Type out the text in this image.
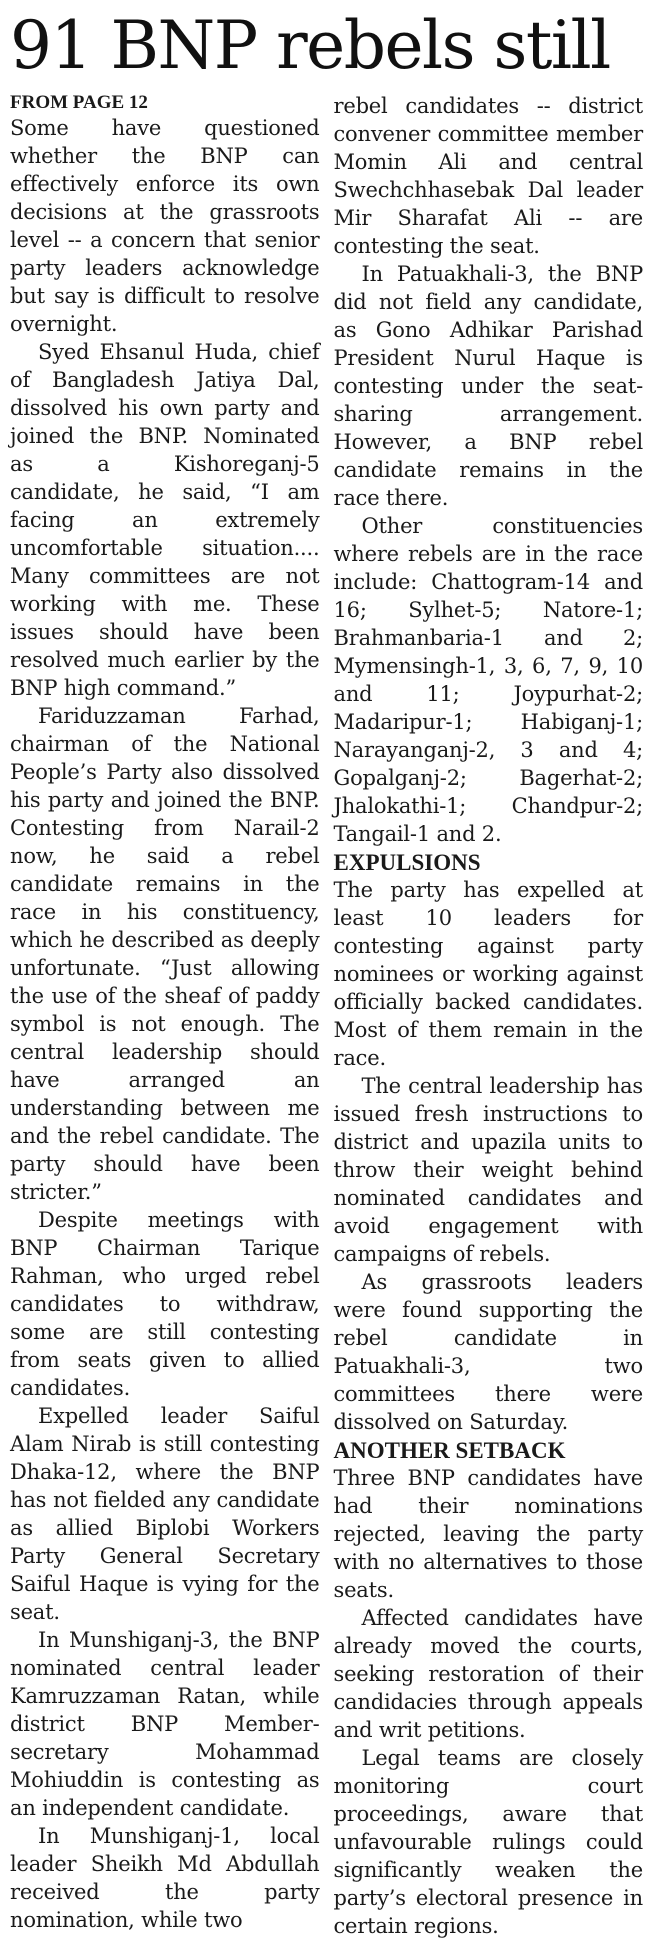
91 BNP rebels still
FROM PAGE 12

Some have questioned whether the BNP can effectively enforce its own decisions at the grassroots level -- a concern that senior party leaders acknowledge but say is difficult to resolve overnight.

Syed Ehsanul Huda, chief of Bangladesh Jatiya Dal, dissolved his own party and joined the BNP. Nominated as a Kishoreganj-5 candidate, he said, “I am facing an extremely uncomfortable situation.... Many committees are not working with me. These issues should have been resolved much earlier by the BNP high command.”

Fariduzzaman Farhad, chairman of the National People’s Party also dissolved his party and joined the BNP. Contesting from Narail-2 now, he said a rebel candidate remains in the race in his constituency, which he described as deeply unfortunate. “Just allowing the use of the sheaf of paddy symbol is not enough. The central leadership should have arranged an understanding between me and the rebel candidate. The party should have been stricter.”

Despite meetings with BNP Chairman Tarique Rahman, who urged rebel candidates to withdraw, some are still contesting from seats given to allied candidates.

Expelled leader Saiful Alam Nirab is still contesting Dhaka-12, where the BNP has not fielded any candidate as allied Biplobi Workers Party General Secretary Saiful Haque is vying for the seat.

In Munshiganj-3, the BNP nominated central leader Kamruzzaman Ratan, while district BNP Member-secretary Mohammad Mohiuddin is contesting as an independent candidate.

In Munshiganj-1, local leader Sheikh Md Abdullah received the party nomination, while two

rebel candidates -- district convener committee member Momin Ali and central Swechchhasebak Dal leader Mir Sharafat Ali -- are contesting the seat.

In Patuakhali-3, the BNP did not field any candidate, as Gono Adhikar Parishad President Nurul Haque is contesting under the seat-sharing arrangement. However, a BNP rebel candidate remains in the race there.

Other constituencies where rebels are in the race include: Chattogram-14 and 16; Sylhet-5; Natore-1; Brahmanbaria-1 and 2; Mymensingh-1, 3, 6, 7, 9, 10 and 11; Joypurhat-2; Madaripur-1; Habiganj-1; Narayanganj-2, 3 and 4; Gopalganj-2; Bagerhat-2; Jhalokathi-1; Chandpur-2; Tangail-1 and 2.

EXPULSIONS

The party has expelled at least 10 leaders for contesting against party nominees or working against officially backed candidates. Most of them remain in the race.

The central leadership has issued fresh instructions to district and upazila units to throw their weight behind nominated candidates and avoid engagement with campaigns of rebels.

As grassroots leaders were found supporting the rebel candidate in Patuakhali-3, two committees there were dissolved on Saturday.

ANOTHER SETBACK

Three BNP candidates have had their nominations rejected, leaving the party with no alternatives to those seats.

Affected candidates have already moved the courts, seeking restoration of their candidacies through appeals and writ petitions.

Legal teams are closely monitoring court proceedings, aware that unfavourable rulings could significantly weaken the party’s electoral presence in certain regions.
